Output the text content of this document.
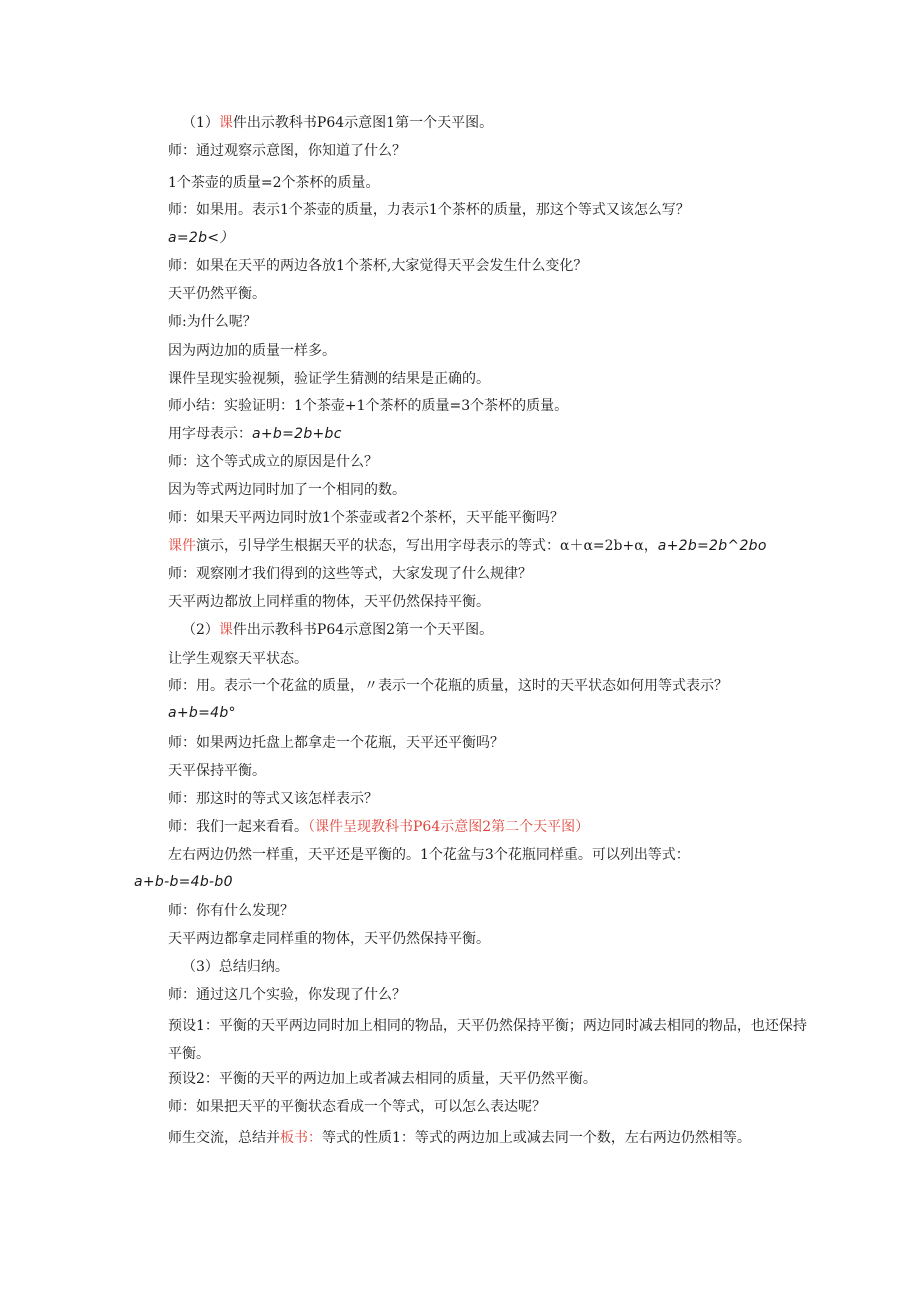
（1）课件出示教科书P64示意图1第一个天平图。
师：通过观察示意图，你知道了什么？
1个茶壶的质量=2个茶杯的质量。
师：如果用。表示1个茶壶的质量，力表示1个茶杯的质量，那这个等式又该怎么写？
a=2b<）
师：如果在天平的两边各放1个茶杯,大家觉得天平会发生什么变化？
天平仍然平衡。
师:为什么呢？
因为两边加的质量一样多。
课件呈现实验视频，验证学生猜测的结果是正确的。
师小结：实验证明：1个茶壶+1个茶杯的质量=3个茶杯的质量。
用字母表示：a+b=2b+bc
师：这个等式成立的原因是什么？
因为等式两边同时加了一个相同的数。
师：如果天平两边同时放1个茶壶或者2个茶杯，天平能平衡吗？
课件演示，引导学生根据天平的状态，写出用字母表示的等式：α＋α=2b+α，a+2b=2b^2bo
师：观察刚才我们得到的这些等式，大家发现了什么规律？
天平两边都放上同样重的物体，天平仍然保持平衡。
（2）课件出示教科书P64示意图2第一个天平图。
让学生观察天平状态。
师：用。表示一个花盆的质量，〃表示一个花瓶的质量，这时的天平状态如何用等式表示？
a+b=4b°
师：如果两边托盘上都拿走一个花瓶，天平还平衡吗？
天平保持平衡。
师：那这时的等式又该怎样表示？
师：我们一起来看看。（课件呈现教科书P64示意图2第二个天平图）
左右两边仍然一样重，天平还是平衡的。1个花盆与3个花瓶同样重。可以列出等式：
a+b-b=4b-b0
师：你有什么发现？
天平两边都拿走同样重的物体，天平仍然保持平衡。
（3）总结归纳。
师：通过这几个实验，你发现了什么？
预设1：平衡的天平两边同时加上相同的物品，天平仍然保持平衡；两边同时减去相同的物品，也还保持平衡。
预设2：平衡的天平的两边加上或者减去相同的质量，天平仍然平衡。
师：如果把天平的平衡状态看成一个等式，可以怎么表达呢？
师生交流，总结并板书：等式的性质1：等式的两边加上或减去同一个数，左右两边仍然相等。
